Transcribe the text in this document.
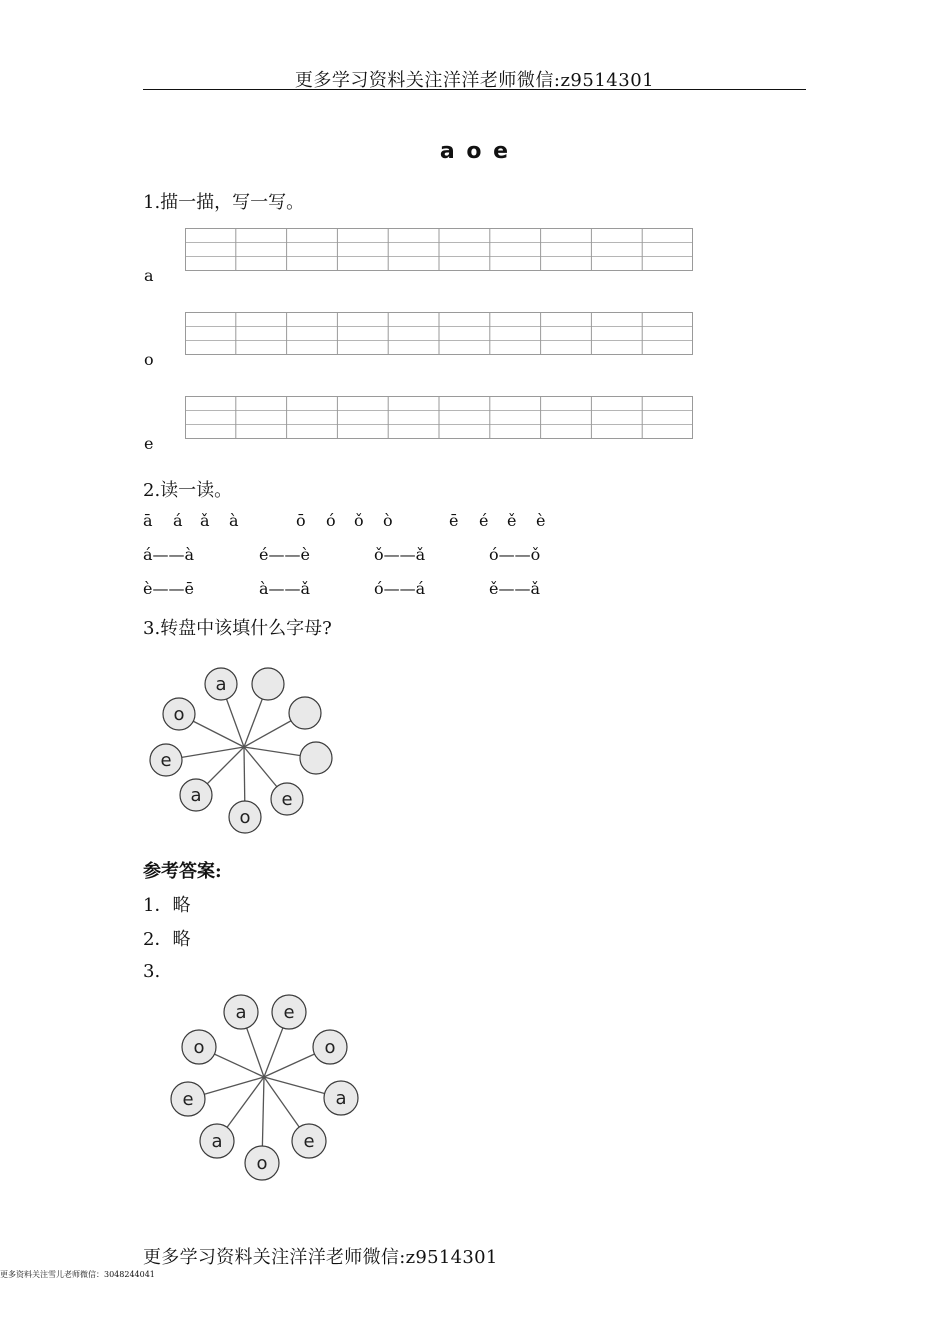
更多学习资料关注洋洋老师微信:z9514301
a o e
1.描一描，写一写。
a
o
e
2.读一读。
ā á ǎ à	ō ó ǒ ò	ē é ě è
á——à	é——è	ǒ——ǎ	ó——ǒ
è——ē	à——ǎ	ó——á	ě——ǎ
3.转盘中该填什么字母?
a
e
o
a
e
o
参考答案:
1．略
2．略
3.
a e
o
a
e
o
a
e
o
更多学习资料关注洋洋老师微信:z9514301
更多资料关注雪儿老师微信：3048244041
